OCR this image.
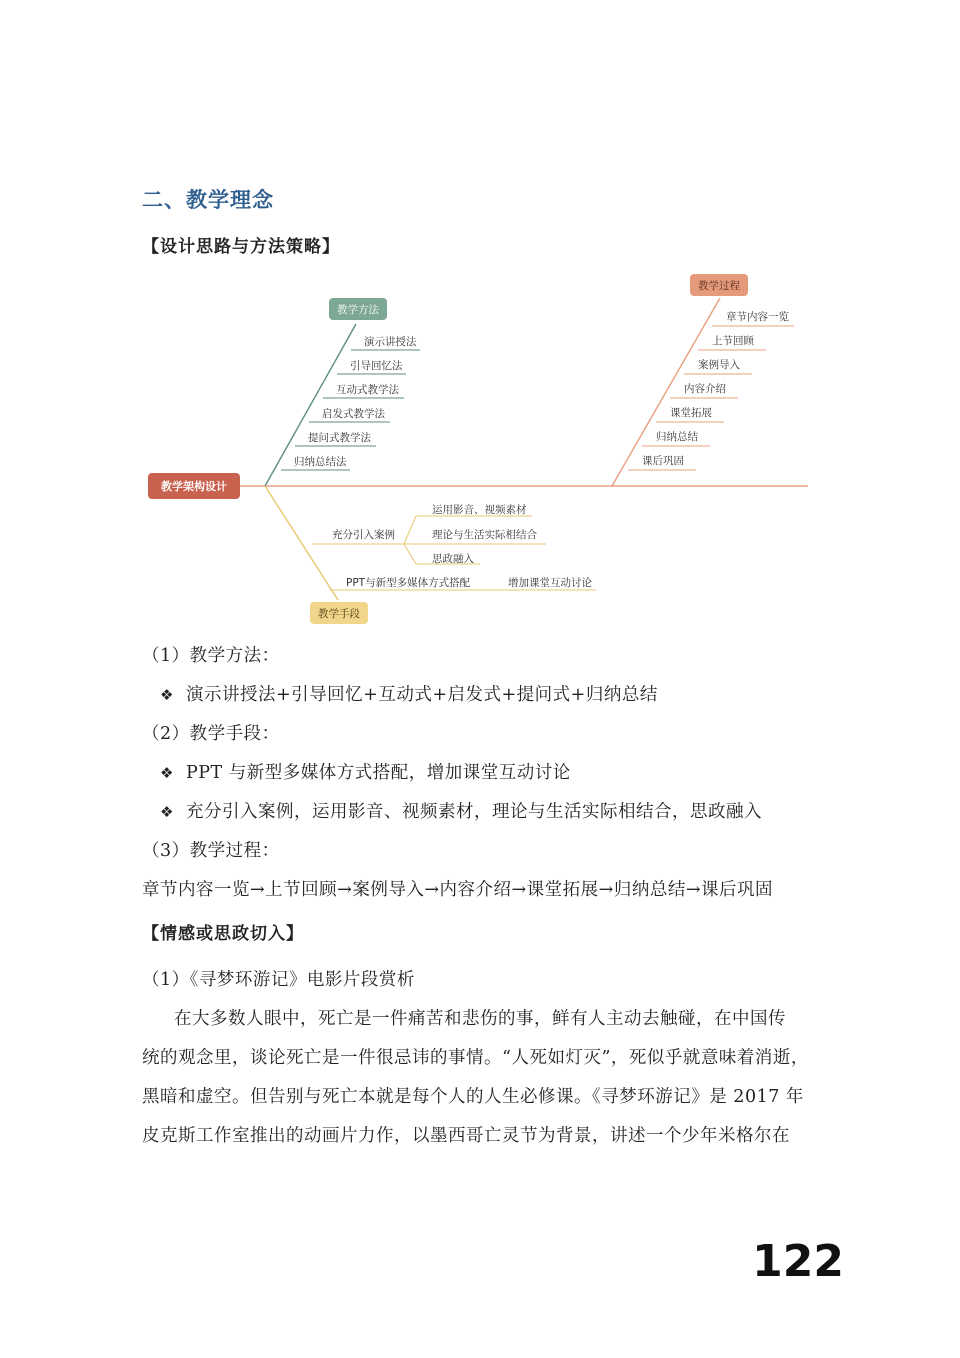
二、教学理念
【设计思路与方法策略】
演示讲授法
引导回忆法
互动式教学法
启发式教学法
提问式教学法
归纳总结法
章节内容一览
上节回顾
案例导入
内容介绍
课堂拓展
归纳总结
课后巩固
充分引入案例
运用影音、视频素材
理论与生活实际相结合
思政融入
PPT与新型多媒体方式搭配	增加课堂互动讨论
教学架构设计
教学方法
教学过程
教学手段
（1）教学方法：
❖ 演示讲授法+引导回忆+互动式+启发式+提问式+归纳总结
（2）教学手段：
❖ PPT 与新型多媒体方式搭配，增加课堂互动讨论
❖ 充分引入案例，运用影音、视频素材，理论与生活实际相结合，思政融入
（3）教学过程：
章节内容一览→上节回顾→案例导入→内容介绍→课堂拓展→归纳总结→课后巩固
【情感或思政切入】
（1）《寻梦环游记》电影片段赏析
在大多数人眼中，死亡是一件痛苦和悲伤的事，鲜有人主动去触碰，在中国传
统的观念里，谈论死亡是一件很忌讳的事情。“人死如灯灭”，死似乎就意味着消逝，
黑暗和虚空。但告别与死亡本就是每个人的人生必修课。《寻梦环游记》是 2017 年
皮克斯工作室推出的动画片力作，以墨西哥亡灵节为背景，讲述一个少年米格尔在
122
